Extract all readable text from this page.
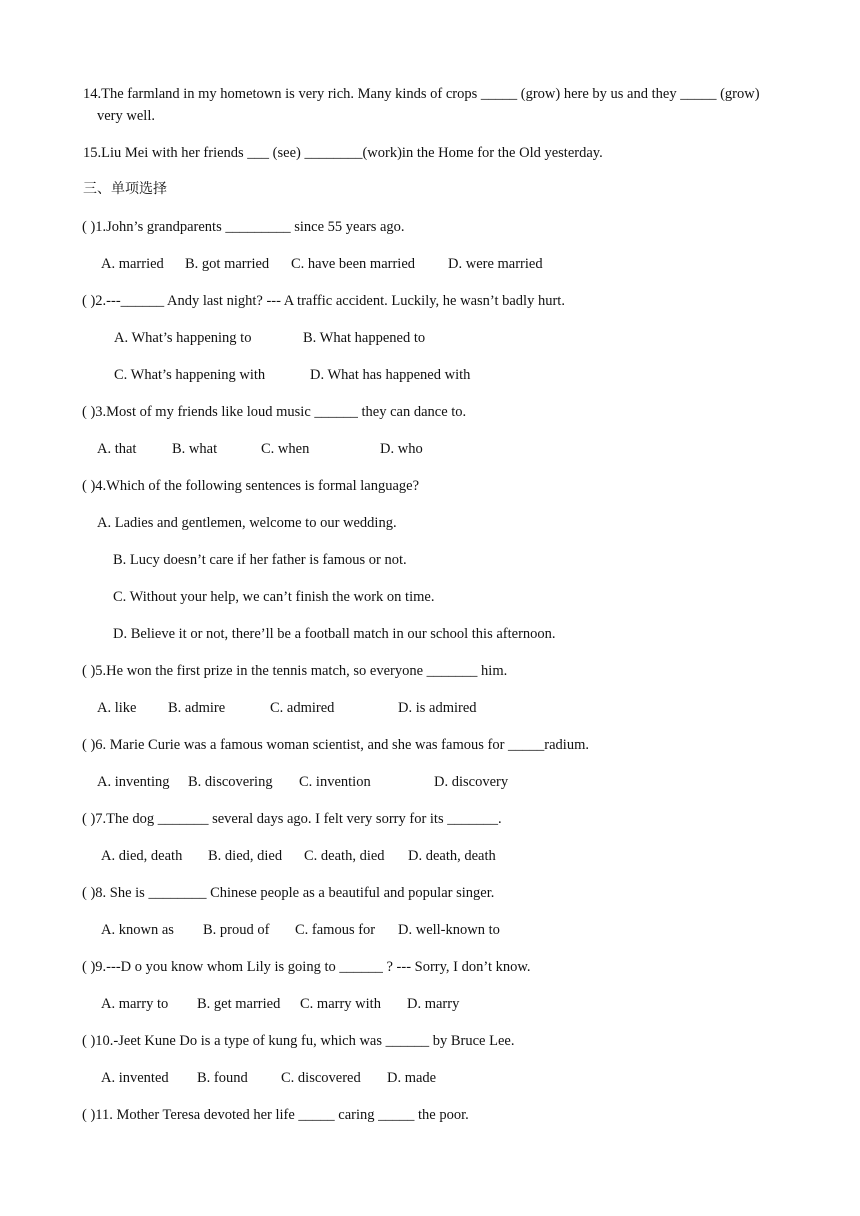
14.The farmland in my hometown is very rich. Many kinds of crops _____ (grow) here by us and they _____ (grow)
very well.
15.Liu Mei with her friends ___ (see) ________(work)in the Home for the Old yesterday.
三、单项选择
( )1.John’s grandparents _________ since 55 years ago.
A. married B. got married C. have been married D. were married
( )2.---______ Andy last night? --- A traffic accident. Luckily, he wasn’t badly hurt.
A. What’s happening to	B. What happened to
C. What’s happening with	D. What has happened with
( )3.Most of my friends like loud music ______ they can dance to.
A. that B. what	C. when	D. who
( )4.Which of the following sentences is formal language?
A. Ladies and gentlemen, welcome to our wedding.
B. Lucy doesn’t care if her father is famous or not.
C. Without your help, we can’t finish the work on time.
D. Believe it or not, there’ll be a football match in our school this afternoon.
( )5.He won the first prize in the tennis match, so everyone _______ him.
A. like B. admire	C. admired	D. is admired
( )6. Marie Curie was a famous woman scientist, and she was famous for _____radium.
A. inventing B. discovering C. invention	D. discovery
( )7.The dog _______ several days ago. I felt very sorry for its _______.
A. died, death B. died, died C. death, died D. death, death
( )8. She is ________ Chinese people as a beautiful and popular singer.
A. known as B. proud of C. famous for D. well-known to
( )9.---D o you know whom Lily is going to ______ ? --- Sorry, I don’t know.
A. marry to B. get married C. marry with D. marry
( )10.-Jeet Kune Do is a type of kung fu, which was ______ by Bruce Lee.
A. invented B. found C. discovered D. made
( )11. Mother Teresa devoted her life _____ caring _____ the poor.
